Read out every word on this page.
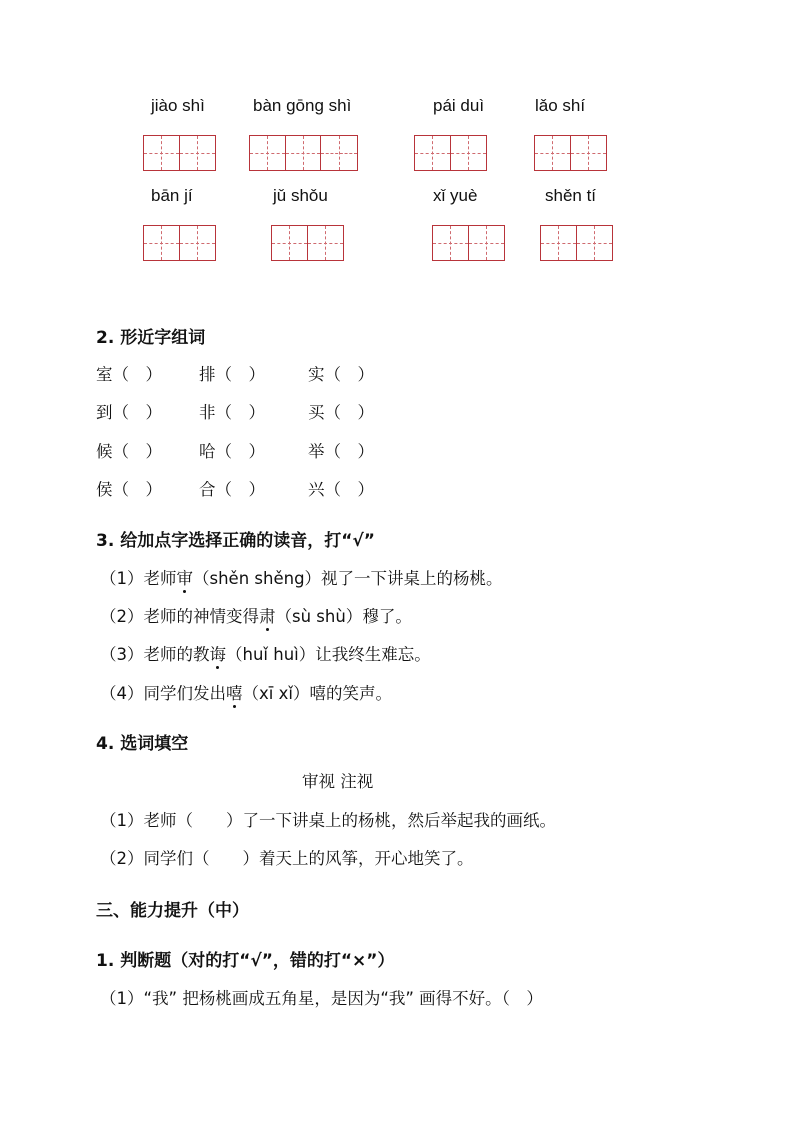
jiào shì	bàn gōng shì	pái duì	lǎo shí
bān jí	jǔ shǒu	xǐ yuè	shěn tí
2. 形近字组词
室（　） 排（　）	实（　）
到（　） 非（　）	买（　）
候（　） 哈（　）	举（　）
侯（　） 合（　）	兴（　）
3. 给加点字选择正确的读音，打“√”
（1）老师审（shěn shěng）视了一下讲桌上的杨桃。
（2）老师的神情变得肃（sù shù）穆了。
（3）老师的教诲（huǐ huì）让我终生难忘。
（4）同学们发出嘻（xī xǐ）嘻的笑声。
4. 选词填空
审视 注视
（1）老师（　　）了一下讲桌上的杨桃，然后举起我的画纸。
（2）同学们（　　）着天上的风筝，开心地笑了。
三、能力提升（中）
1. 判断题（对的打“√”，错的打“×”）
（1）“我” 把杨桃画成五角星，是因为“我” 画得不好。（　）
